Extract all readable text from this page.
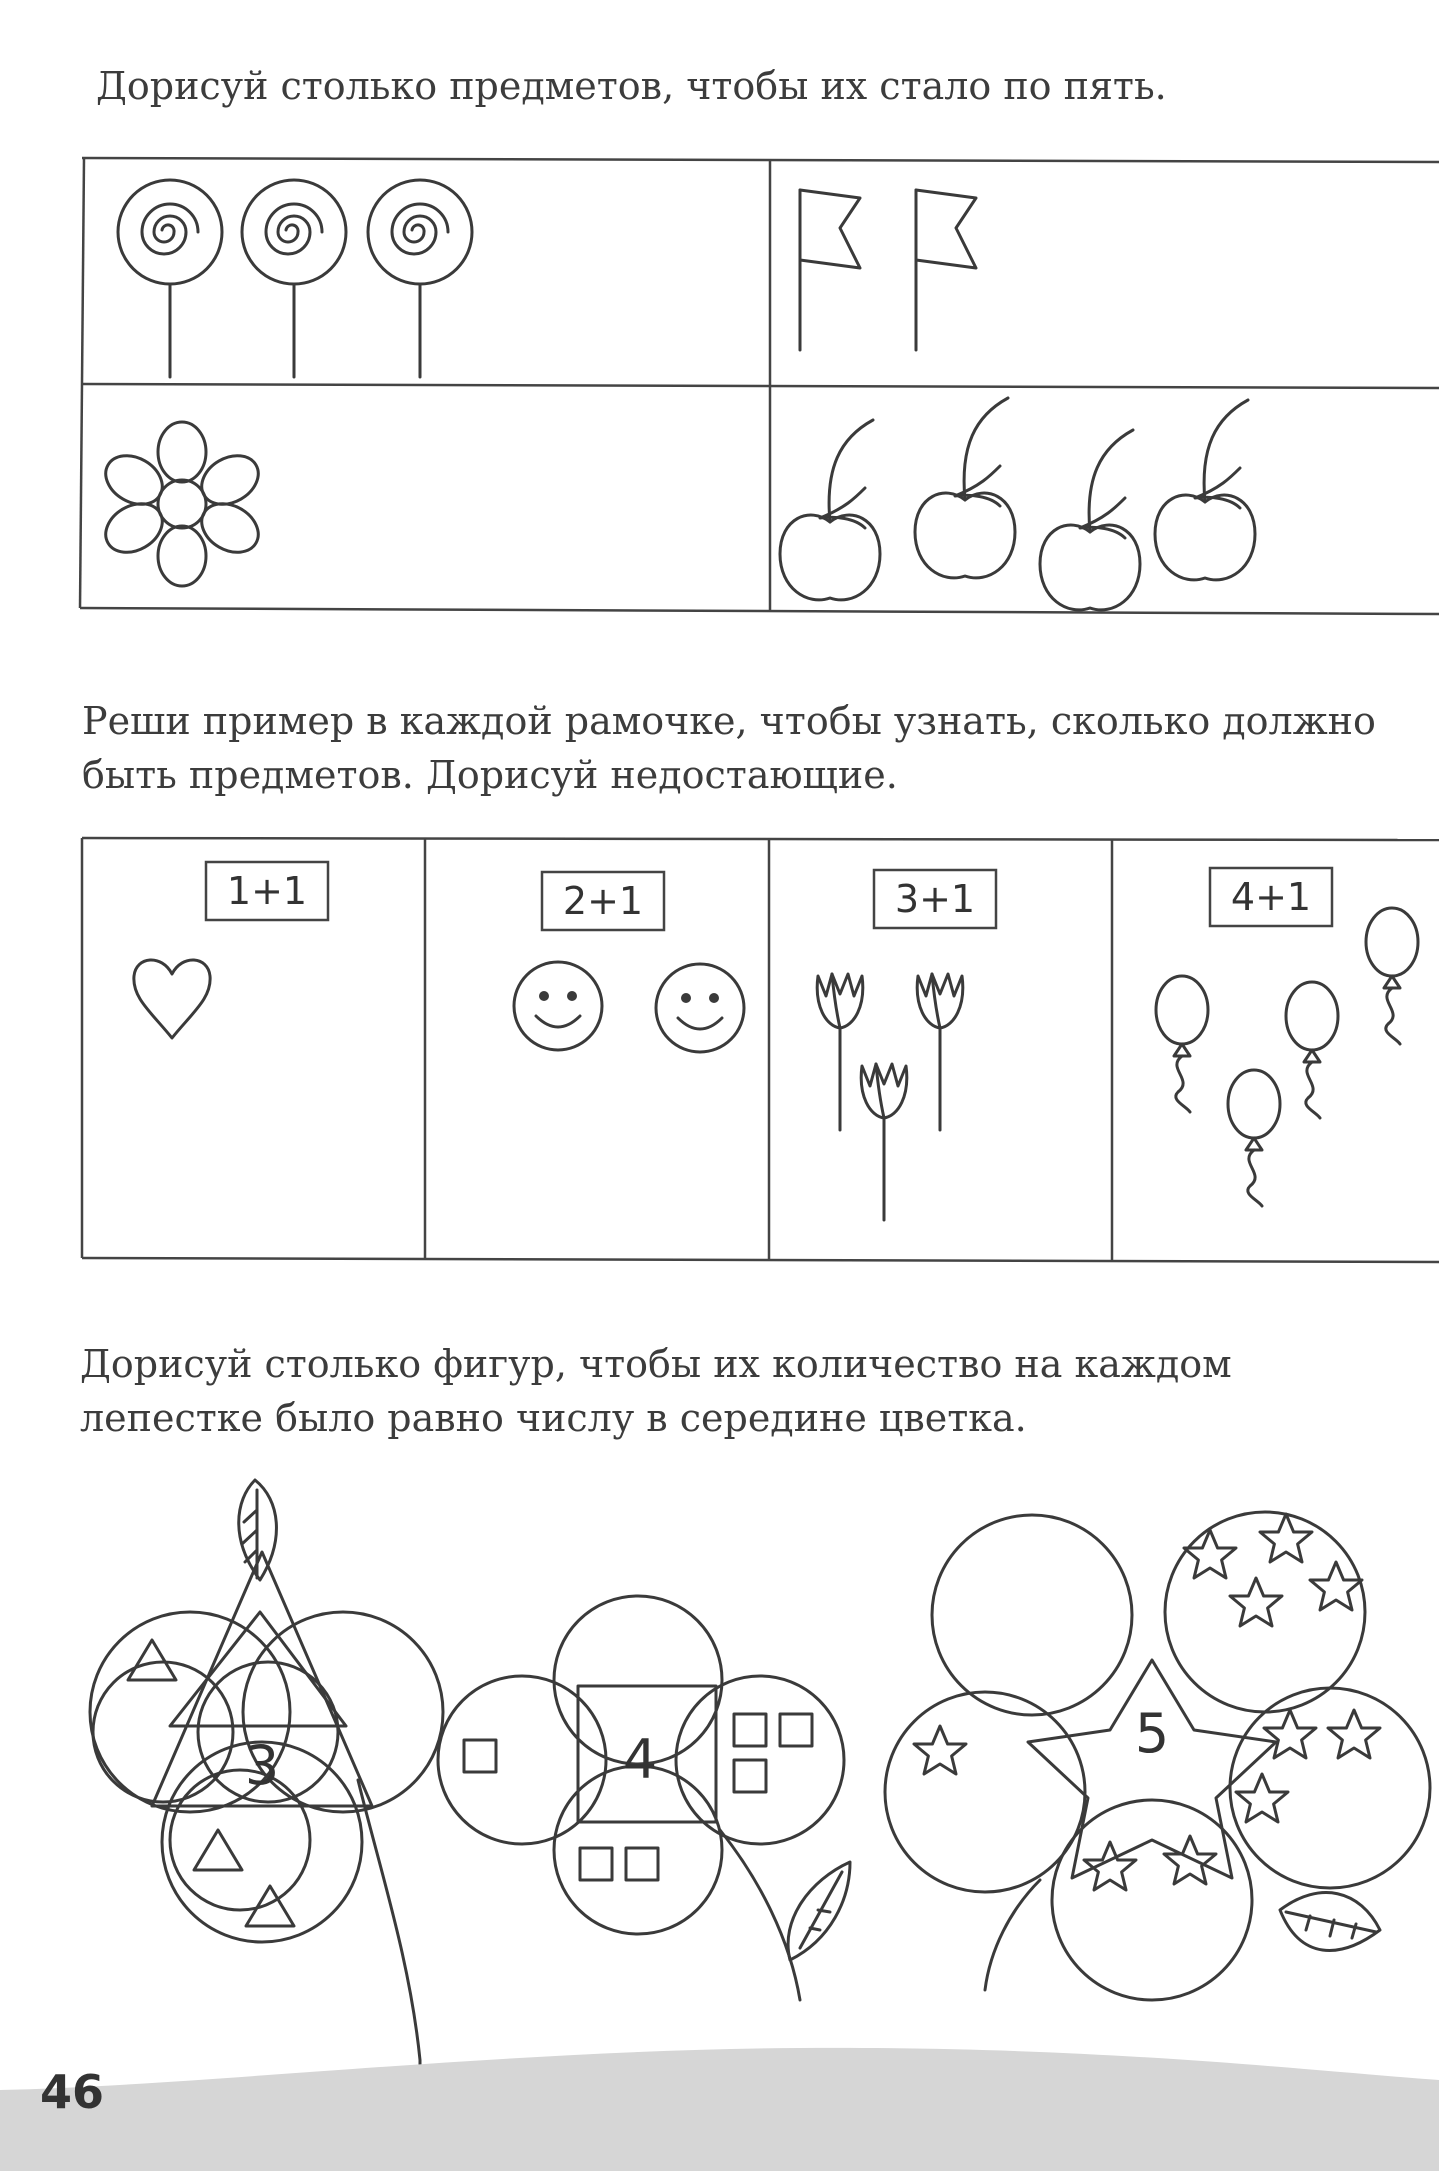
Дорисуй столько предметов, чтобы их стало по пять.

Реши пример в каждой рамочке, чтобы узнать, сколько должно

быть предметов. Дорисуй недостающие.

Дорисуй столько фигур, чтобы их количество на каждом

лепестке было равно числу в середине цветка.

1+1	2+1	3+1	4+1
3	4	5
46
